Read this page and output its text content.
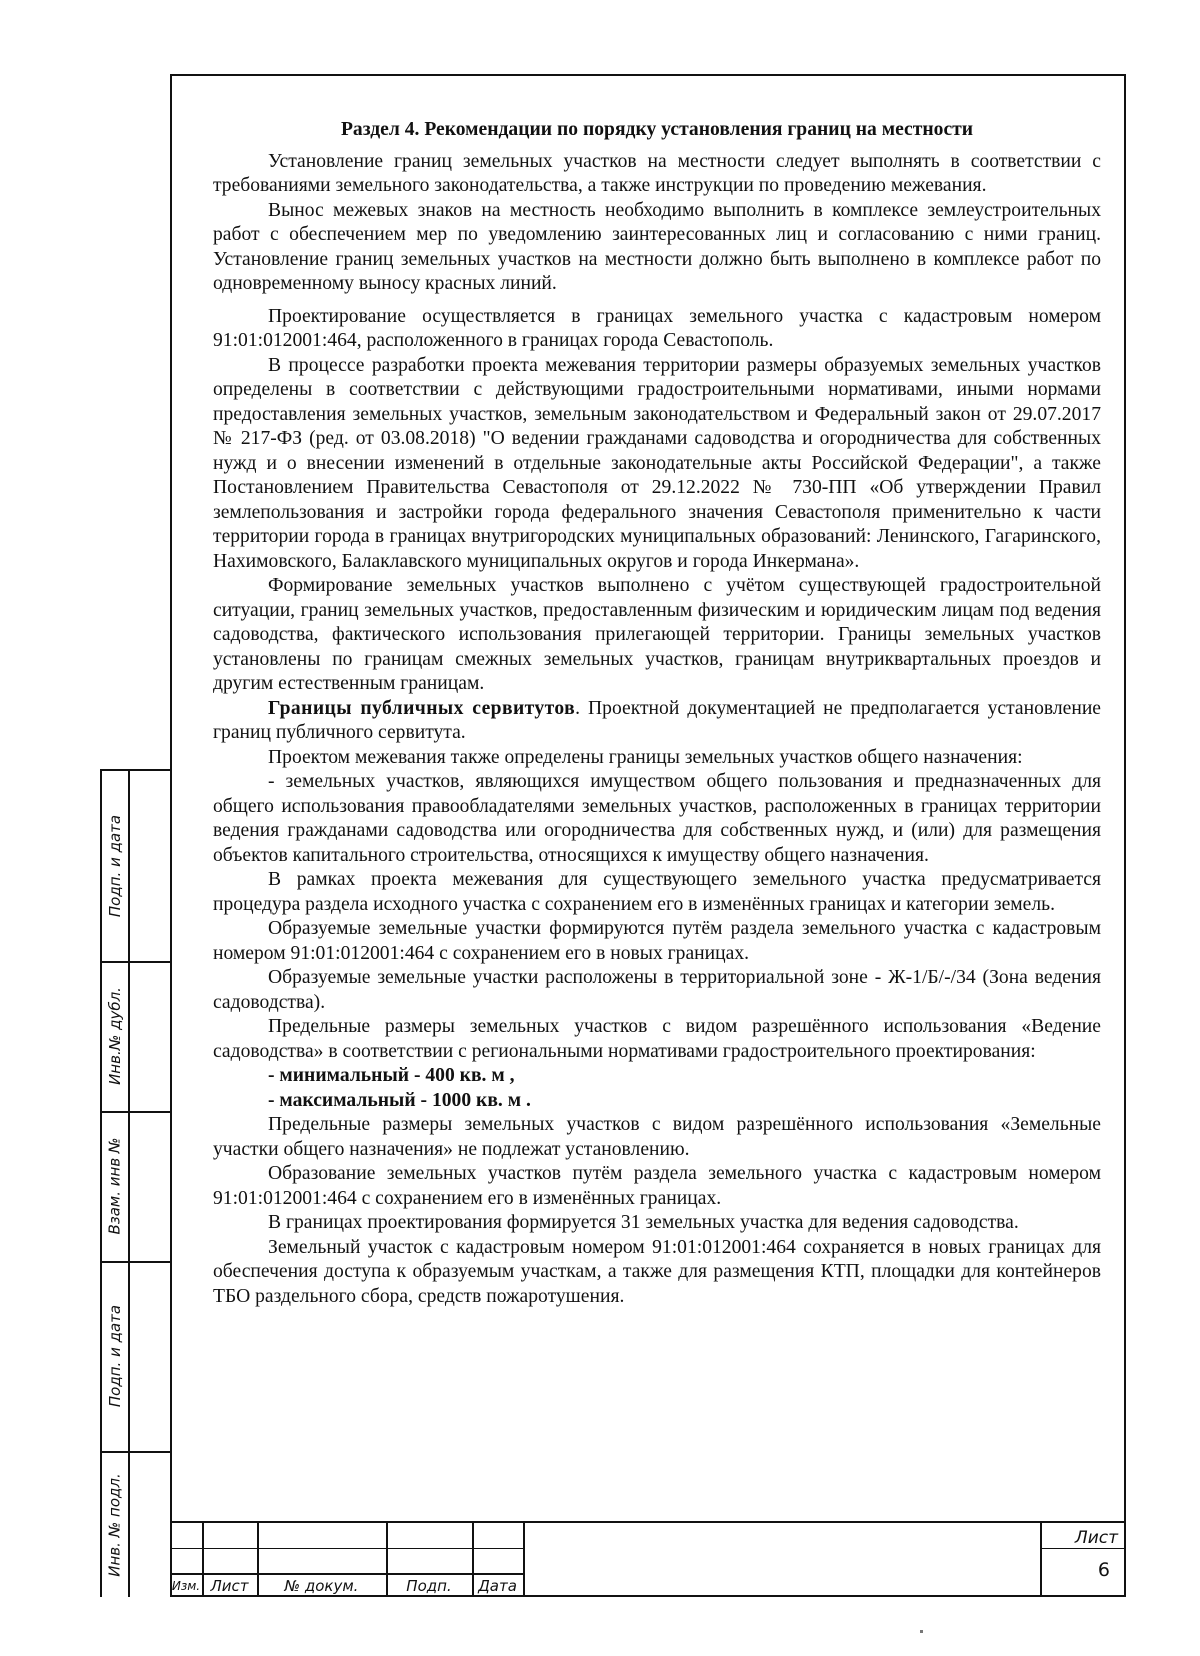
Раздел 4. Рекомендации по порядку установления границ на местности

Установление границ земельных участков на местности следует выполнять в соответствии с требованиями земельного законодательства, а также инструкции по проведению межевания.

Вынос межевых знаков на местность необходимо выполнить в комплексе землеустроительных работ с обеспечением мер по уведомлению заинтересованных лиц и согласованию с ними границ. Установление границ земельных участков на местности должно быть выполнено в комплексе работ по одновременному выносу красных линий.

Проектирование осуществляется в границах земельного участка с кадастровым номером 91:01:012001:464, расположенного в границах города Севастополь.

В процессе разработки проекта межевания территории размеры образуемых земельных участков определены в соответствии с действующими градостроительными нормативами, иными нормами предоставления земельных участков, земельным законодательством и Федеральный закон от 29.07.2017 № 217-ФЗ (ред. от 03.08.2018) "О ведении гражданами садоводства и огородничества для собственных нужд и о внесении изменений в отдельные законодательные акты Российской Федерации", а также Постановлением Правительства Севастополя от 29.12.2022 № 730-ПП «Об утверждении Правил землепользования и застройки города федерального значения Севастополя применительно к части территории города в границах внутригородских муниципальных образований: Ленинского, Гагаринского, Нахимовского, Балаклавского муниципальных округов и города Инкермана».

Формирование земельных участков выполнено с учётом существующей градостроительной ситуации, границ земельных участков, предоставленным физическим и юридическим лицам под ведения садоводства, фактического использования прилегающей территории. Границы земельных участков установлены по границам смежных земельных участков, границам внутриквартальных проездов и другим естественным границам.

Границы публичных сервитутов. Проектной документацией не предполагается установление границ публичного сервитута.

Проектом межевания также определены границы земельных участков общего назначения:

- земельных участков, являющихся имуществом общего пользования и предназначенных для общего использования правообладателями земельных участков, расположенных в границах территории ведения гражданами садоводства или огородничества для собственных нужд, и (или) для размещения объектов капитального строительства, относящихся к имуществу общего назначения.

В рамках проекта межевания для существующего земельного участка предусматривается процедура раздела исходного участка с сохранением его в изменённых границах и категории земель.

Образуемые земельные участки формируются путём раздела земельного участка с кадастровым номером 91:01:012001:464 с сохранением его в новых границах.

Образуемые земельные участки расположены в территориальной зоне - Ж-1/Б/-/34 (Зона ведения садоводства).

Предельные размеры земельных участков с видом разрешённого использования «Ведение садоводства» в соответствии с региональными нормативами градостроительного проектирования:

- минимальный - 400 кв. м ,

- максимальный - 1000 кв. м .

Предельные размеры земельных участков с видом разрешённого использования «Земельные участки общего назначения» не подлежат установлению.

Образование земельных участков путём раздела земельного участка с кадастровым номером 91:01:012001:464 с сохранением его в изменённых границах.

В границах проектирования формируется 31 земельных участка для ведения садоводства.

Земельный участок с кадастровым номером 91:01:012001:464 сохраняется в новых границах для обеспечения доступа к образуемым участкам, а также для размещения КТП, площадки для контейнеров ТБО раздельного сбора, средств пожаротушения.

Подп. и дата
Инв.№ дубл.
Взам. инв №
Подп. и дата
Инв. № подл.
Изм. Лист	№ докум.	Подп.	Дата
Лист
6
